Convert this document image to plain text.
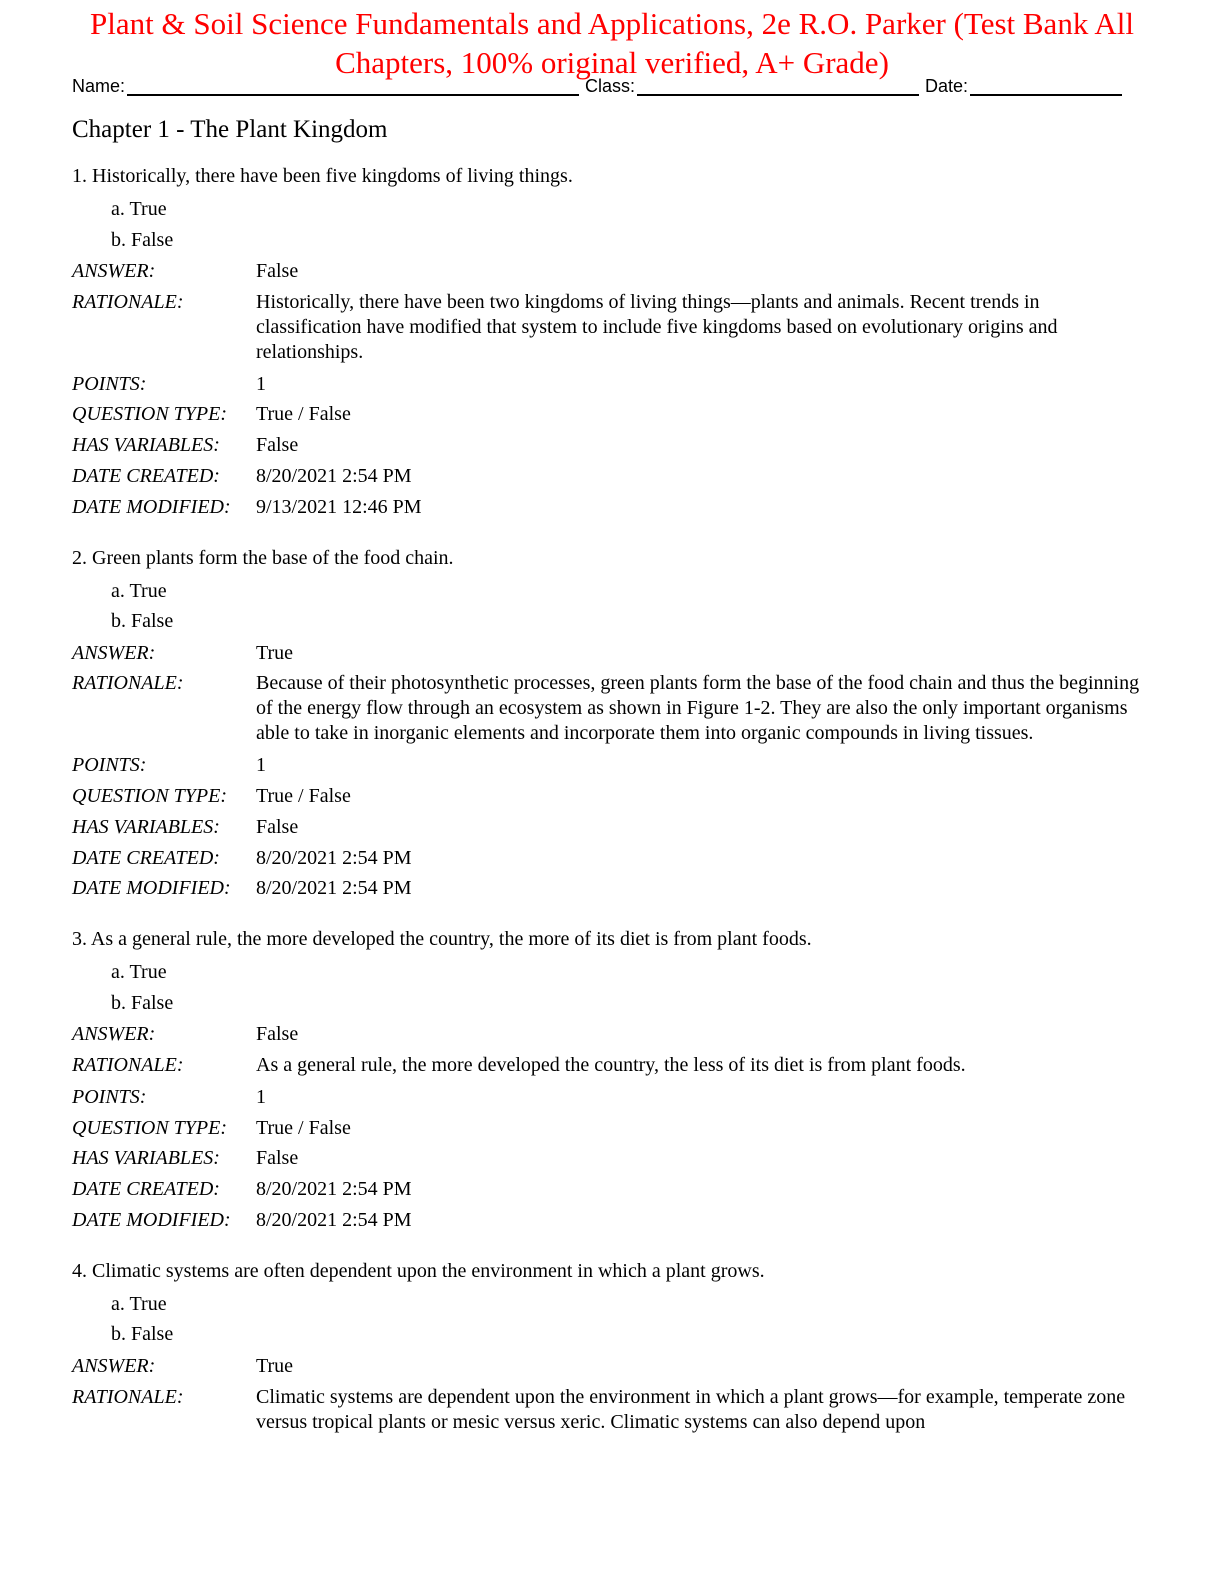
Plant & Soil Science Fundamentals and Applications, 2e R.O. Parker (Test Bank All Chapters, 100% original verified, A+ Grade)
Name:	Class:	Date:
Chapter 1 - The Plant Kingdom
1. Historically, there have been five kingdoms of living things.
a. True
b. False
ANSWER:	False
RATIONALE:	Historically, there have been two kingdoms of living things—plants and animals. Recent trends in classification have modified that system to include five kingdoms based on evolutionary origins and relationships.
POINTS:	1
QUESTION TYPE:	True / False
HAS VARIABLES:	False
DATE CREATED:	8/20/2021 2:54 PM
DATE MODIFIED:	9/13/2021 12:46 PM
2. Green plants form the base of the food chain.
a. True
b. False
ANSWER:	True
RATIONALE:	Because of their photosynthetic processes, green plants form the base of the food chain and thus the beginning of the energy flow through an ecosystem as shown in Figure 1-2. They are also the only important organisms able to take in inorganic elements and incorporate them into organic compounds in living tissues.
POINTS:	1
QUESTION TYPE:	True / False
HAS VARIABLES:	False
DATE CREATED:	8/20/2021 2:54 PM
DATE MODIFIED:	8/20/2021 2:54 PM
3. As a general rule, the more developed the country, the more of its diet is from plant foods.
a. True
b. False
ANSWER:	False
RATIONALE:	As a general rule, the more developed the country, the less of its diet is from plant foods.
POINTS:	1
QUESTION TYPE:	True / False
HAS VARIABLES:	False
DATE CREATED:	8/20/2021 2:54 PM
DATE MODIFIED:	8/20/2021 2:54 PM
4. Climatic systems are often dependent upon the environment in which a plant grows.
a. True
b. False
ANSWER:	True
RATIONALE:	Climatic systems are dependent upon the environment in which a plant grows—for example, temperate zone versus tropical plants or mesic versus xeric. Climatic systems can also depend upon
